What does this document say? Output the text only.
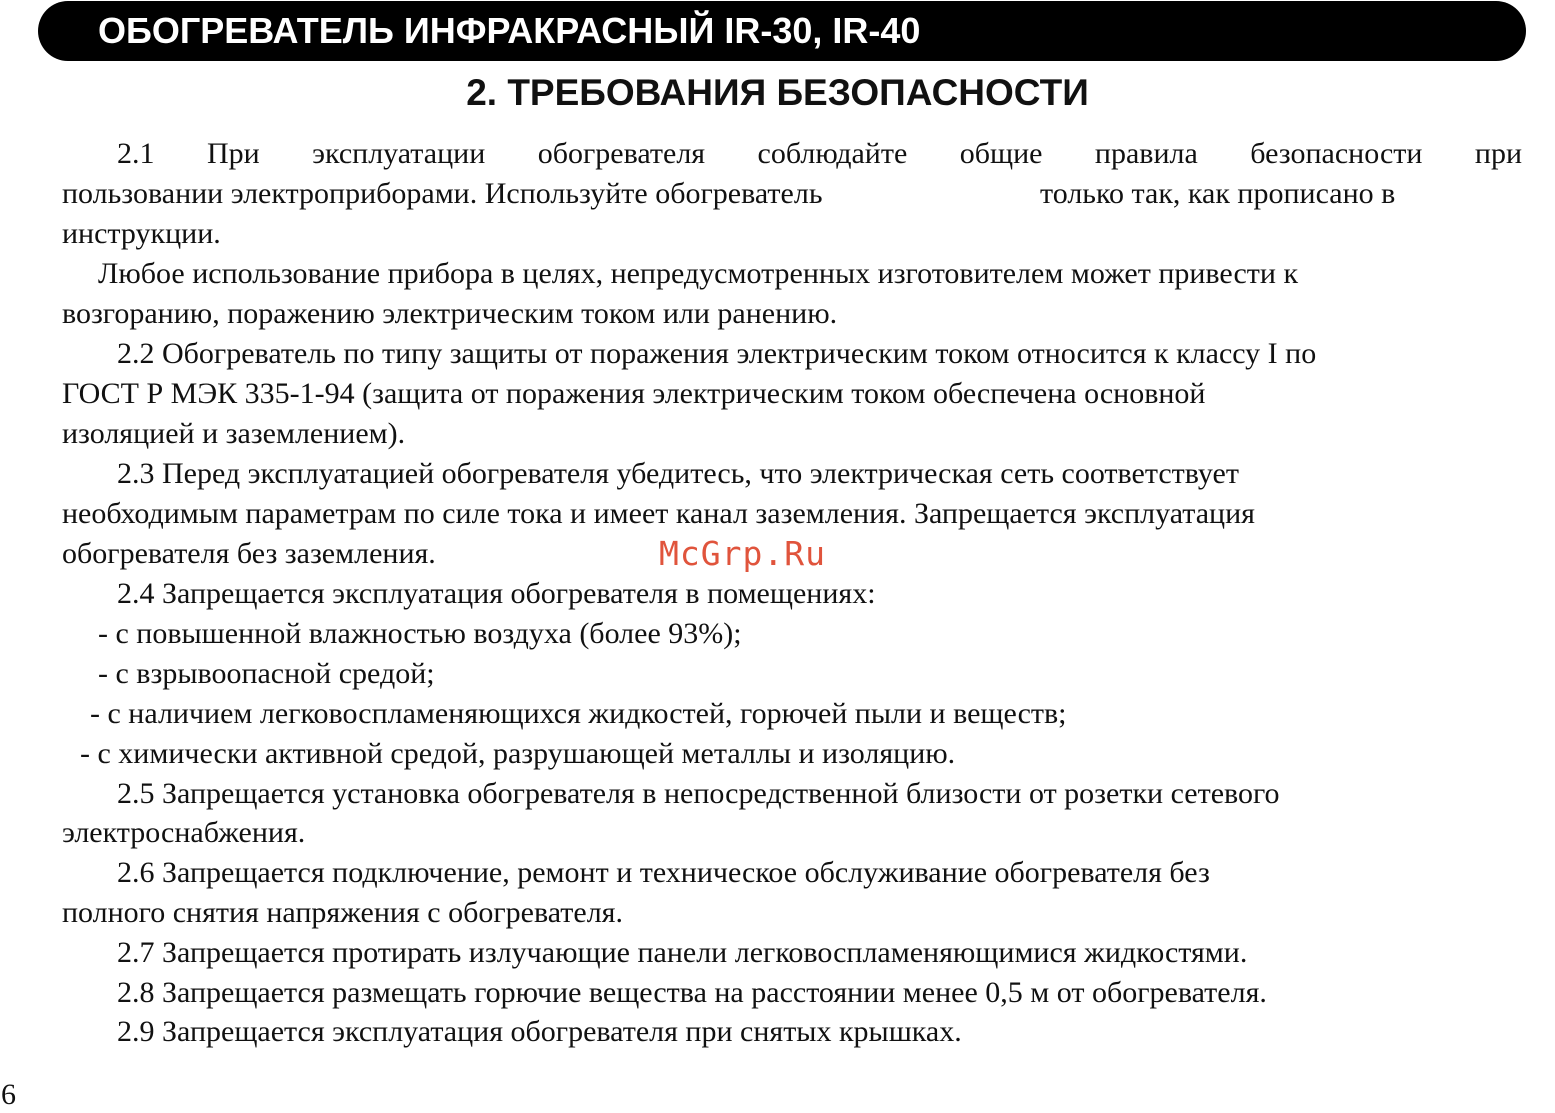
ОБОГРЕВАТЕЛЬ ИНФРАКРАСНЫЙ IR-30, IR-40
2. ТРЕБОВАНИЯ БЕЗОПАСНОСТИ
2.1 При эксплуатации обогревателя соблюдайте общие правила безопасности при
пользовании электроприборами. Используйте обогреватель	только так, как прописано в
инструкции.
Любое использование прибора в целях, непредусмотренных изготовителем может привести к
возгоранию, поражению электрическим током или ранению.
2.2 Обогреватель по типу защиты от поражения электрическим током относится к классу I по
ГОСТ Р МЭК 335-1-94 (защита от поражения электрическим током обеспечена основной
изоляцией и заземлением).
2.3 Перед эксплуатацией обогревателя убедитесь, что электрическая сеть соответствует
необходимым параметрам по силе тока и имеет канал заземления. Запрещается эксплуатация
обогревателя без заземления.
2.4 Запрещается эксплуатация обогревателя в помещениях:
- с повышенной влажностью воздуха (более 93%);
- с взрывоопасной средой;
- с наличием легковоспламеняющихся жидкостей, горючей пыли и веществ;
- с химически активной средой, разрушающей металлы и изоляцию.
2.5 Запрещается установка обогревателя в непосредственной близости от розетки сетевого
электроснабжения.
2.6 Запрещается подключение, ремонт и техническое обслуживание обогревателя без
полного снятия напряжения с обогревателя.
2.7 Запрещается протирать излучающие панели легковоспламеняющимися жидкостями.
2.8 Запрещается размещать горючие вещества на расстоянии менее 0,5 м от обогревателя.
2.9 Запрещается эксплуатация обогревателя при снятых крышках.
McGrp.Ru
6
